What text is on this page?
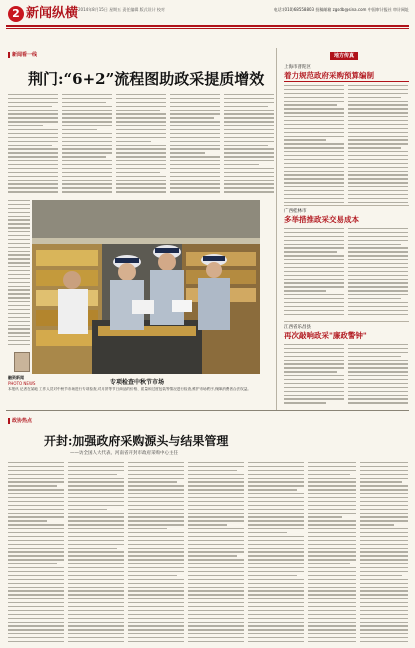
2 新闻纵横 2014年8月15日 星期五 责任编辑 版式设计 校对	电话:(010)68558803 投稿邮箱 zgsdb@sina.com 中国审计报社 审计网址
新闻看一线
荆门:“6+2”流程图助政采提质增效
专项检查中秋节市场
本报讯 记者在某地 工作人员对中秋节市场进行专项检查,对月饼等节日商品的价格、质量和过度包装等情况进行检查,维护市场秩序,保障消费者合法权益。
融资新闻
PHOTO NEWS
地方传真
上海市普陀区
着力规范政府采购预算编制
广西桂林市
多举措推政采交易成本
江西省乐昌县
再次敲响政采"廉政警钟"
政协热点
开封:加强政府采购源头与结果管理
——访全国人大代表、河南省开封市政府采购中心主任
